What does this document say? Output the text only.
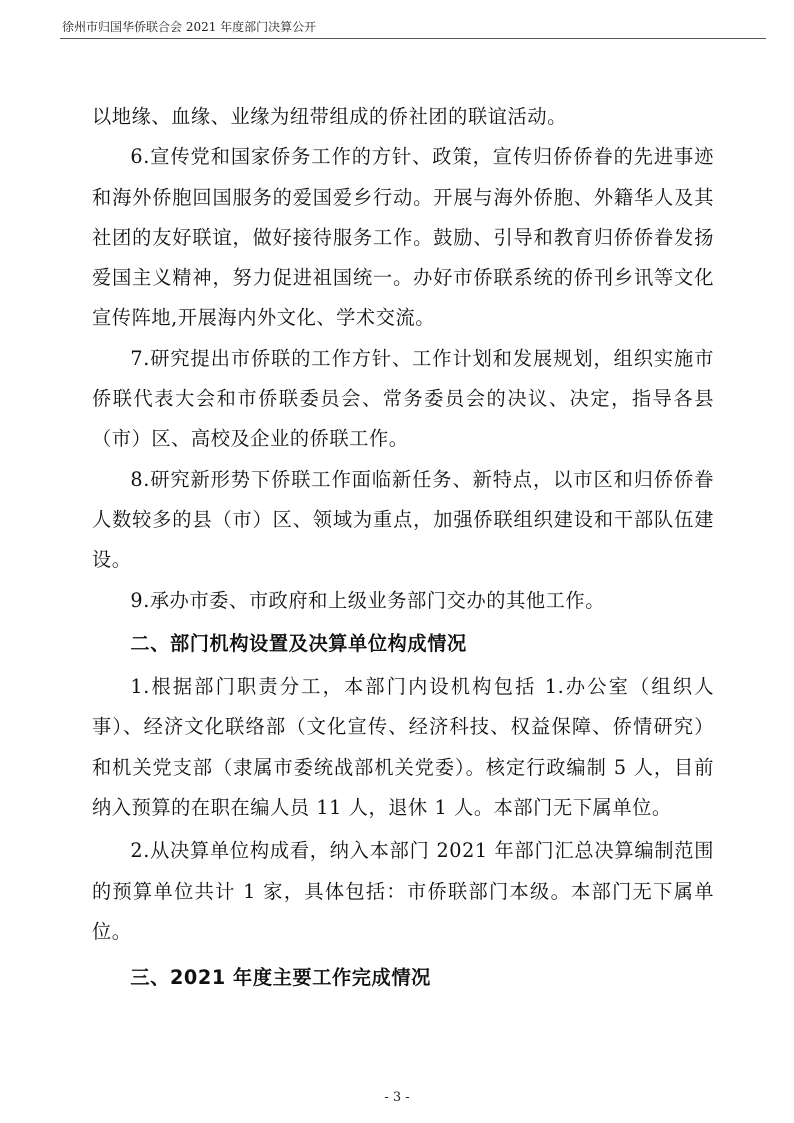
徐州市归国华侨联合会 2021 年度部门决算公开

以地缘、血缘、业缘为纽带组成的侨社团的联谊活动。

6.宣传党和国家侨务工作的方针、政策，宣传归侨侨眷的先进事迹和海外侨胞回国服务的爱国爱乡行动。开展与海外侨胞、外籍华人及其社团的友好联谊，做好接待服务工作。鼓励、引导和教育归侨侨眷发扬爱国主义精神，努力促进祖国统一。办好市侨联系统的侨刊乡讯等文化宣传阵地,开展海内外文化、学术交流。

7.研究提出市侨联的工作方针、工作计划和发展规划，组织实施市侨联代表大会和市侨联委员会、常务委员会的决议、决定，指导各县（市）区、高校及企业的侨联工作。

8.研究新形势下侨联工作面临新任务、新特点，以市区和归侨侨眷人数较多的县（市）区、领域为重点，加强侨联组织建设和干部队伍建设。

9.承办市委、市政府和上级业务部门交办的其他工作。

二、部门机构设置及决算单位构成情况

1.根据部门职责分工，本部门内设机构包括 1.办公室（组织人事）、经济文化联络部（文化宣传、经济科技、权益保障、侨情研究）和机关党支部（隶属市委统战部机关党委）。核定行政编制 5 人，目前纳入预算的在职在编人员 11 人，退休 1 人。本部门无下属单位。

2.从决算单位构成看，纳入本部门 2021 年部门汇总决算编制范围的预算单位共计 1 家，具体包括：市侨联部门本级。本部门无下属单位。

三、2021 年度主要工作完成情况

- 3 -
